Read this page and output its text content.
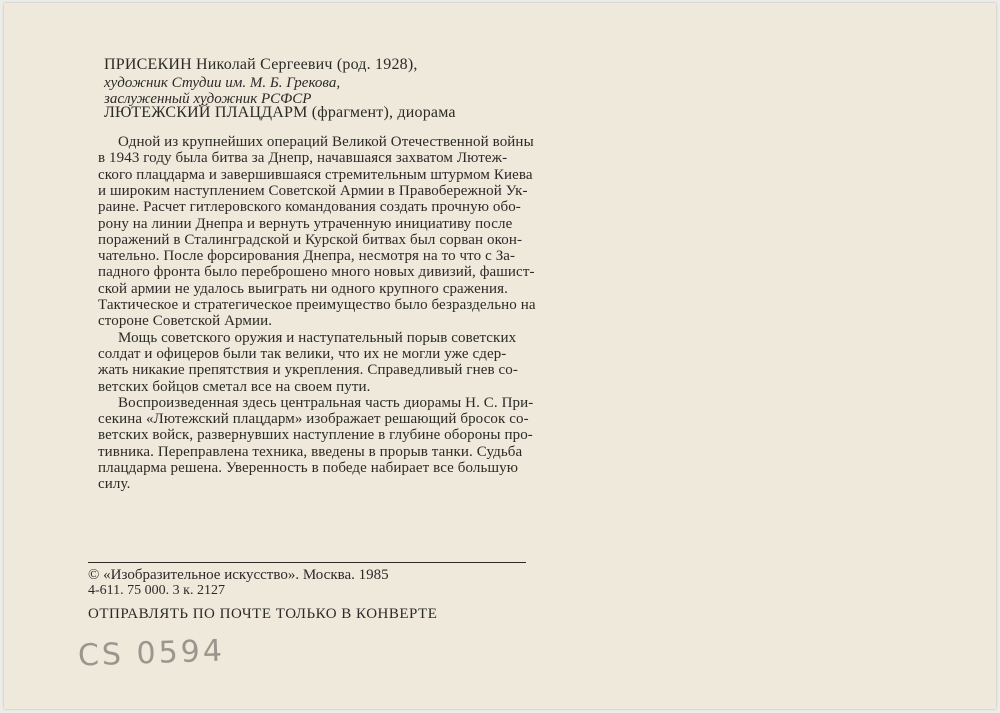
ПРИСЕКИН Николай Сергеевич (род. 1928),
художник Студии им. М. Б. Грекова,
заслуженный художник РСФСР
ЛЮТЕЖСКИЙ ПЛАЦДАРМ (фрагмент), диорама
Одной из крупнейших операций Великой Отечественной войны
в 1943 году была битва за Днепр, начавшаяся захватом Лютеж-
ского плацдарма и завершившаяся стремительным штурмом Киева
и широким наступлением Советской Армии в Правобережной Ук-
раине. Расчет гитлеровского командования создать прочную обо-
рону на линии Днепра и вернуть утраченную инициативу после
поражений в Сталинградской и Курской битвах был сорван окон-
чательно. После форсирования Днепра, несмотря на то что с За-
падного фронта было переброшено много новых дивизий, фашист-
ской армии не удалось выиграть ни одного крупного сражения.
Тактическое и стратегическое преимущество было безраздельно на
стороне Советской Армии.
Мощь советского оружия и наступательный порыв советских
солдат и офицеров были так велики, что их не могли уже сдер-
жать никакие препятствия и укрепления. Справедливый гнев со-
ветских бойцов сметал все на своем пути.
Воспроизведенная здесь центральная часть диорамы Н. С. При-
секина «Лютежский плацдарм» изображает решающий бросок со-
ветских войск, развернувших наступление в глубине обороны про-
тивника. Переправлена техника, введены в прорыв танки. Судьба
плацдарма решена. Уверенность в победе набирает все большую
силу.
© «Изобразительное искусство». Москва. 1985
4-611. 75 000. 3 к. 2127
ОТПРАВЛЯТЬ ПО ПОЧТЕ ТОЛЬКО В КОНВЕРТЕ
CS 0594
